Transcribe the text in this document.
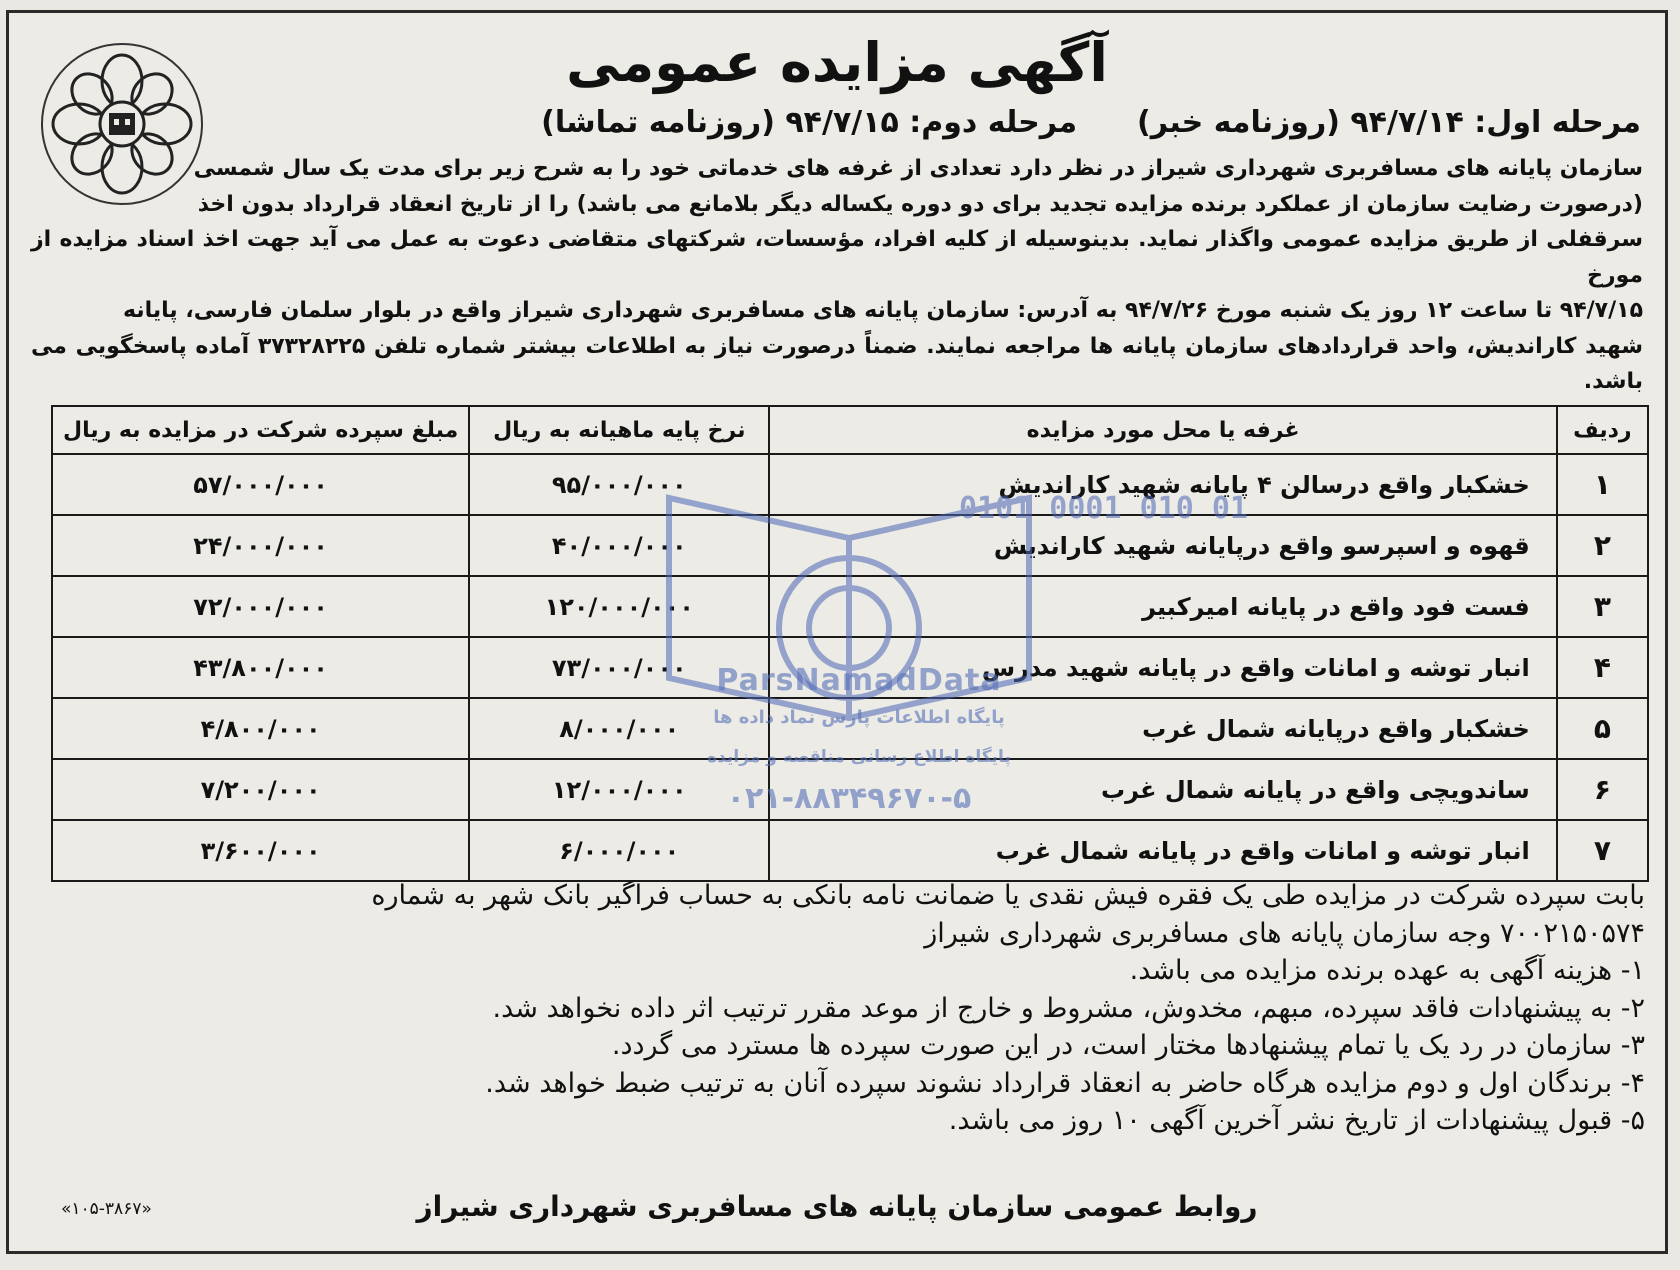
آگهی مزایده عمومی
مرحله اول: ۹۴/۷/۱۴ (روزنامه خبر)
مرحله دوم: ۹۴/۷/۱۵ (روزنامه تماشا)

سازمان پایانه های مسافربری شهرداری شیراز در نظر دارد تعدادی از غرفه های خدماتی خود را به شرح زیر برای مدت یک سال شمسی

(درصورت رضایت سازمان از عملکرد برنده مزایده تجدید برای دو دوره یکساله دیگر بلامانع می باشد) را از تاریخ انعقاد قرارداد بدون اخذ

سرقفلی از طریق مزایده عمومی واگذار نماید. بدینوسیله از کلیه افراد، مؤسسات، شرکتهای متقاضی دعوت به عمل می آید جهت اخذ اسناد مزایده از مورخ

۹۴/۷/۱۵ تا ساعت ۱۲ روز یک شنبه مورخ ۹۴/۷/۲۶ به آدرس: سازمان پایانه های مسافربری شهرداری شیراز واقع در بلوار سلمان فارسی، پایانه

شهید کاراندیش، واحد قراردادهای سازمان پایانه ها مراجعه نمایند. ضمناً درصورت نیاز به اطلاعات بیشتر شماره تلفن ۳۷۳۲۸۲۲۵ آماده پاسخگویی می باشد.

ردیف	غرفه یا محل مورد مزایده	نرخ پایه ماهیانه به ریال	مبلغ سپرده شرکت در مزایده به ریال
۱	خشکبار واقع درسالن ۴ پایانه شهید کاراندیش	۹۵/۰۰۰/۰۰۰	۵۷/۰۰۰/۰۰۰
۲	قهوه و اسپرسو واقع درپایانه شهید کاراندیش	۴۰/۰۰۰/۰۰۰	۲۴/۰۰۰/۰۰۰
۳	فست فود واقع در پایانه امیرکبیر	۱۲۰/۰۰۰/۰۰۰	۷۲/۰۰۰/۰۰۰
۴	انبار توشه و امانات واقع در پایانه شهید مدرس	۷۳/۰۰۰/۰۰۰	۴۳/۸۰۰/۰۰۰
۵	خشکبار واقع درپایانه شمال غرب	۸/۰۰۰/۰۰۰	۴/۸۰۰/۰۰۰
۶	ساندویچی واقع در پایانه شمال غرب	۱۲/۰۰۰/۰۰۰	۷/۲۰۰/۰۰۰
۷	انبار توشه و امانات واقع در پایانه شمال غرب	۶/۰۰۰/۰۰۰	۳/۶۰۰/۰۰۰
0101 0001 010 01
ParsNamadData
پایگاه اطلاعات پارس نماد داده ها
پایگاه اطلاع رسانی مناقصه و مزایده
۰۲۱-۸۸۳۴۹۶۷۰-۵

بابت سپرده شرکت در مزایده طی یک فقره فیش نقدی یا ضمانت نامه بانکی به حساب فراگیر بانک شهر به شماره

۷۰۰۲۱۵۰۵۷۴ وجه سازمان پایانه های مسافربری شهرداری شیراز

۱- هزینه آگهی به عهده برنده مزایده می باشد.

۲- به پیشنهادات فاقد سپرده، مبهم، مخدوش، مشروط و خارج از موعد مقرر ترتیب اثر داده نخواهد شد.

۳- سازمان در رد یک یا تمام پیشنهادها مختار است، در این صورت سپرده ها مسترد می گردد.

۴- برندگان اول و دوم مزایده هرگاه حاضر به انعقاد قرارداد نشوند سپرده آنان به ترتیب ضبط خواهد شد.

۵- قبول پیشنهادات از تاریخ نشر آخرین آگهی ۱۰ روز می باشد.

روابط عمومی سازمان پایانه های مسافربری شهرداری شیراز
«۱۰۵-۳۸۶۷»
